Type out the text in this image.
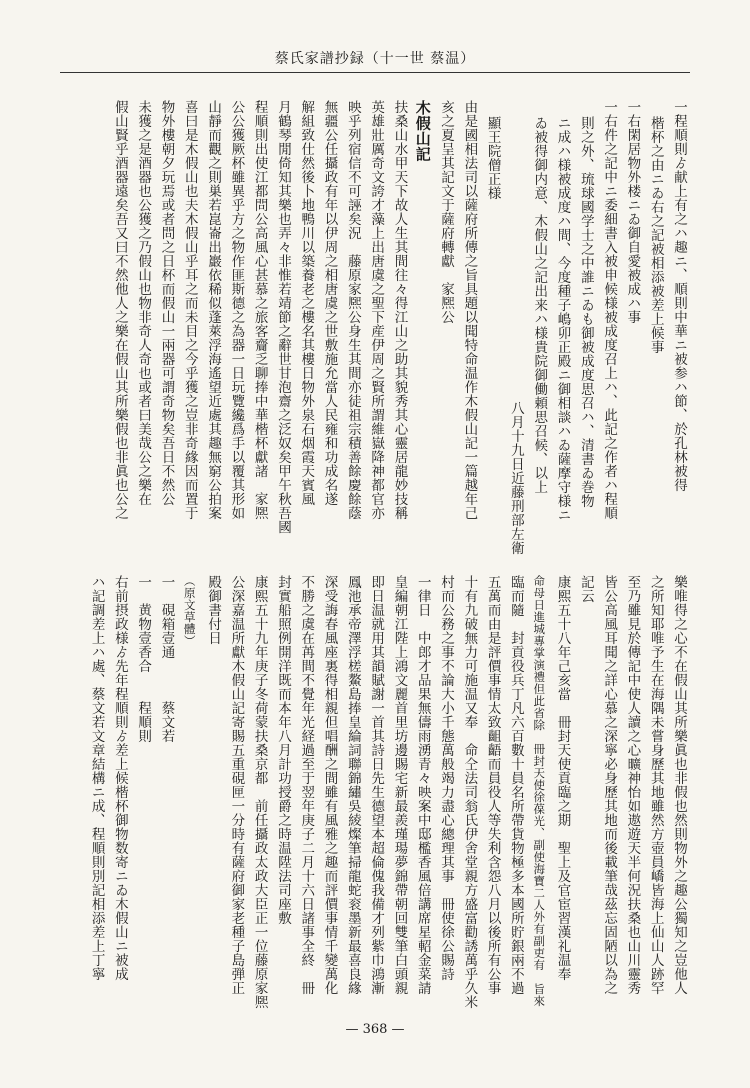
蔡氏家譜抄録（十一世 蔡温）
一程順則ゟ献上有之ハ趣ニ、順則中華ニ被参ハ節、於孔林被得
楷杯之由ニゐ右之記被相添被差上候事
一右閑居物外楼ニゐ御自愛被成ハ事
一右件之記中ニ委細書入被申候様被成度召上ハ、此記之作者ハ程順
則之外、琉球國学士之中誰ニゐも御被成度思召ハ、清書ゐ巻物
ニ成ハ様被成度ハ間、今度種子嶋卯正殿ニ御相談ハゐ薩摩守様ニ
ゐ被得御内意、木假山之記出来ハ様貴院御働頼思召候、以上
八月十九日近藤刑部左衛
顯王院僧正様
由是國相法司以薩府所傳之旨具題以聞特命温作木假山記一篇越年己
亥之夏呈其記文于薩府轉獻　家熈公
木假山記
扶桑山水甲天下故人生其間往々得江山之助其貌秀其心靈居龍妙技稱
英雄壯厲奇文誇才藻上出唐虞之聖下産伊周之賢所謂維嶽降神都官亦
映乎列宿信不可誣矣況　藤原家熈公身生其間亦徒祖宗積善餘慶餘蔭
無疆公任攝政有年以伊周之相唐虞之世敷施允當人民雍和功成名遂
解組致仕然後卜地鴨川以築養老之樓名其樓日物外泉石烟霞天賓風
月鶴琴閒倚知其樂也弄々非惟若靖節之辭世甘泡齋之泛奴矣甲午秋吾國
程順則出使江都問公高風心甚慕之旅客齎乏聊捧中華楷杯獻諸　家熈
公公獲厥杯雖異乎方之物作匪斯德之為器一日玩覽纔爲手以覆其形如
山靜而觀之則巣若崑崙出巖依稀似蓬萊浮海遙望近處其趣無窮公拍案
喜曰是木假山也夫木假山乎耳之而未目之今乎獲之豈非奇緣因而置于
物外樓朝夕玩焉或者問之日杯而假山一兩器可謂奇物矣吾日不然公
未獲之是酒器也公獲之乃假山也物非奇人奇也或者曰美哉公之樂在
假山賢乎酒器遠矣吾又曰不然他人之樂在假山其所樂假也非眞也公之
樂唯得之心不在假山其所樂眞也非假也然則物外之趣公獨知之豈他人
之所知耶唯予生在海隅未嘗身歷其地雖然方壺員嶠皆海上仙山人跡罕
至乃雖見於傳記中使人讀之心曠神怡如遨遊天半何況扶桑也山川靈秀
皆公高風耳聞之詳心慕之深寧必身歷其地而後載筆哉茲忘固陋以為之
記云
康熙五十八年己亥當　冊封天使貢臨之期　聖上及官宦習漢礼温奉
命母日進城專掌演禮但此省除　冊封天使徐葆光、副使海寶二人外有副吏有　旨來
臨而隨　封貢役兵丁凡六百數十員名所帶貨物極多本國所貯銀兩不過
五萬而由是評價事情太致齟齬而員役人等失利含怨八月以後所有公事
十有九破無力可施温又奉　命仝法司翁氏伊舍堂親方盛富勸誘萬乎久米
村而公務之事不論大小千態萬般竭力盡心總理其事　冊使徐公賜詩
一律日　中郎才品果無儔雨湧青々映案中邸檻香風倍講席星軺金菜請
皇編朝江陛上鴻文麗首里坊邊賜宅新最羨瑾瑒夢錦帶朝回雙筆白頭親
即日温就用其韻賦謝一首其詩日先生德望本超倫傀我備才列紫巾鴻漸
鳳池承帝澤浮槎鰲島捧皇綸詞聯錦繡吳綾燦筆掃龍蛇衮墨新最喜良緣
深受誨春風座裏得相親但唱酬之間雖有風雅之趣而評價事情千變萬化
不勝之虞在苒間不覺年光経過至于翌年庚子二月十六日諸事全終　冊
封實船照例開洋既而本年八月計功授爵之時温陞法司座敷
康熙五十九年庚子冬荷蒙扶桑京都　前任攝政太政大臣正一位藤原家熈
公深嘉温所獻木假山記寄賜五重硯匣一分時有薩府御家老種子島弾正
殿御書付日
（原文草體）
一　硯箱壹通　　　蔡文若
一　黄物壹香合　　程順則
右前摂政様ゟ先年程順則ゟ差上候楷杯御物数寄ニゐ木假山ニ被成
ハ記調差上ハ處、蔡文若文章結構ニ成、程順則別記相添差上丁寧
— 368 —
